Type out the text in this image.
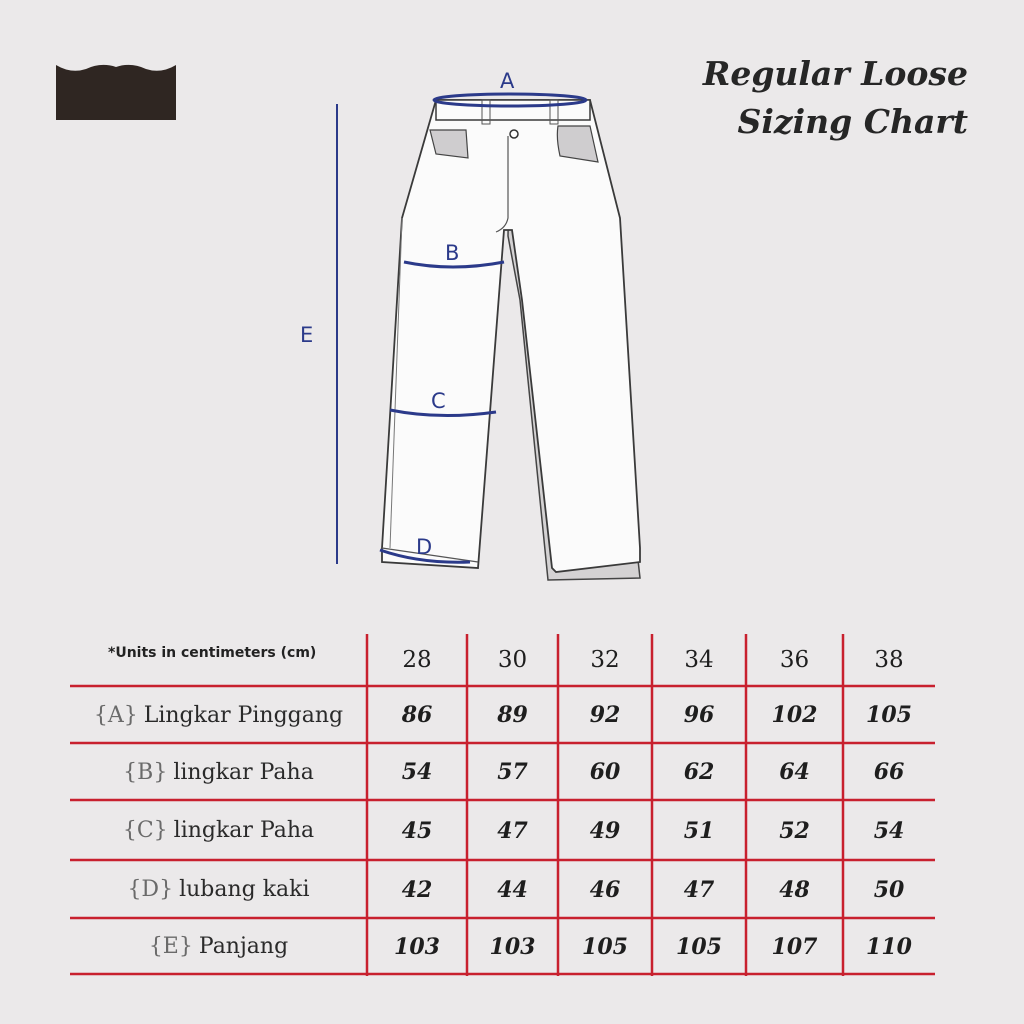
Regular Loose
Sizing Chart
E
A
B
C
D
*Units in centimeters (cm)	28	30	32	34	36	38
{A} Lingkar Pinggang	86	89	92	96	102	105
{B} lingkar Paha	54	57	60	62	64	66
{C} lingkar Paha	45	47	49	51	52	54
{D} lubang kaki	42	44	46	47	48	50
{E} Panjang	103	103	105	105	107	110
